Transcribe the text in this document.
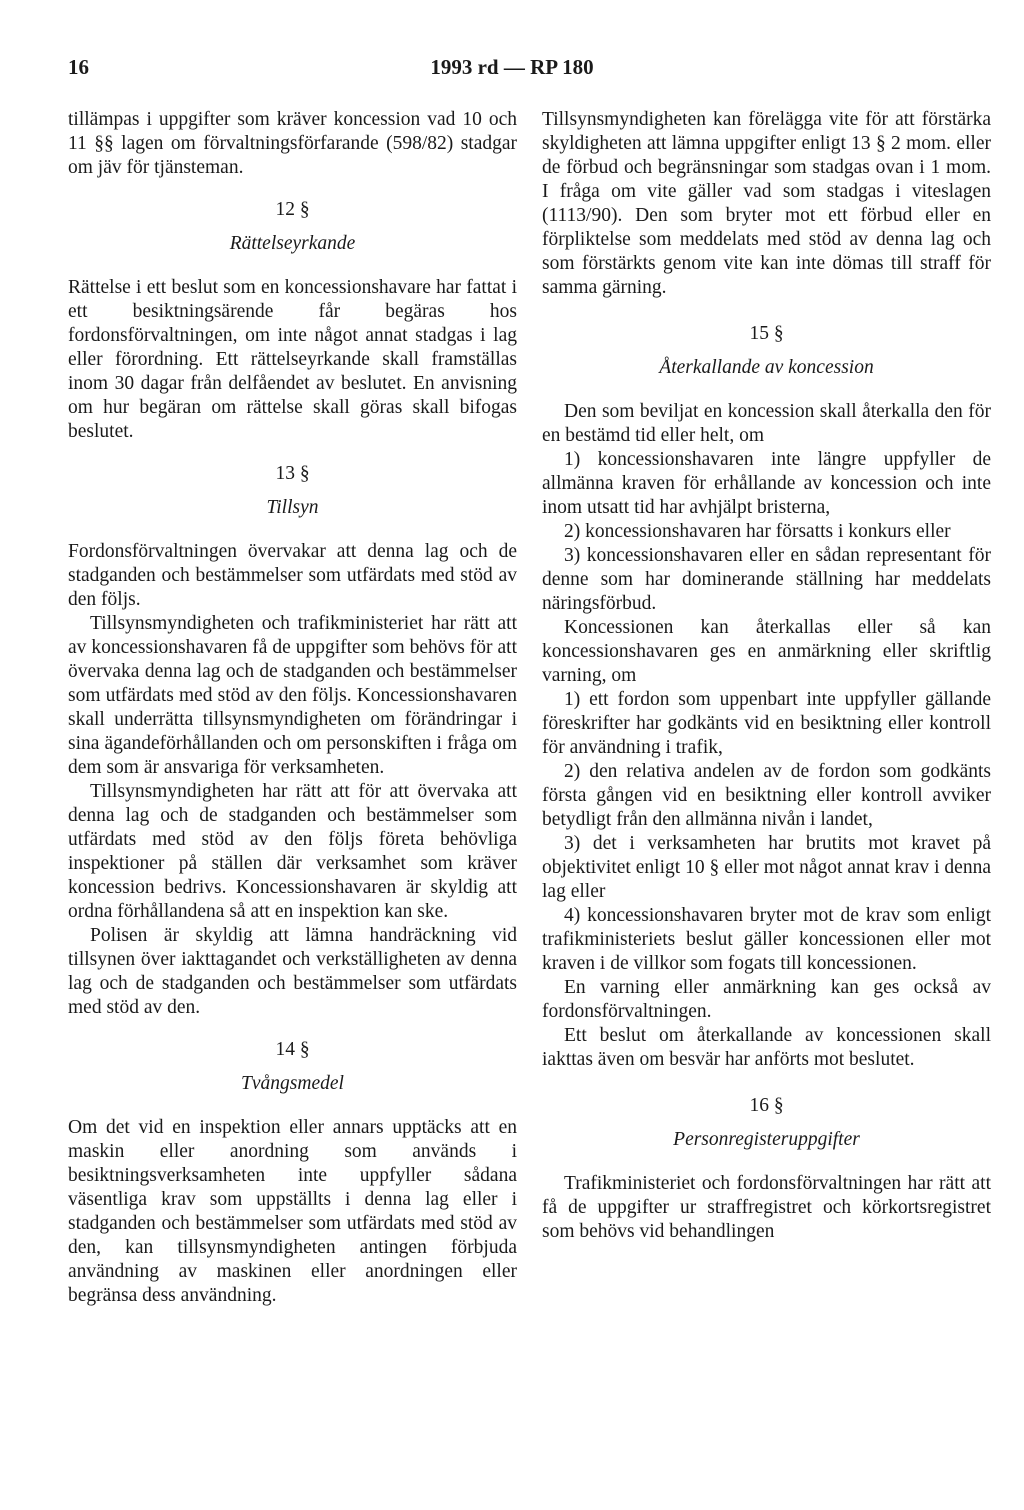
16	1993 rd — RP 180

tillämpas i uppgifter som kräver koncession vad 10 och 11 §§ lagen om förvaltningsförfarande (598/82) stadgar om jäv för tjänsteman.

12 §
Rättelseyrkande

Rättelse i ett beslut som en koncessionshavare har fattat i ett besiktningsärende får begäras hos fordonsförvaltningen, om inte något annat stadgas i lag eller förordning. Ett rättelseyrkande skall framställas inom 30 dagar från delfåendet av beslutet. En anvisning om hur begäran om rättelse skall göras skall bifogas beslutet.

13 §
Tillsyn

Fordonsförvaltningen övervakar att denna lag och de stadganden och bestämmelser som utfärdats med stöd av den följs.

Tillsynsmyndigheten och trafikministeriet har rätt att av koncessionshavaren få de uppgifter som behövs för att övervaka denna lag och de stadganden och bestämmelser som utfärdats med stöd av den följs. Koncessionshavaren skall underrätta tillsynsmyndigheten om förändringar i sina ägandeförhållanden och om personskiften i fråga om dem som är ansvariga för verksamheten.

Tillsynsmyndigheten har rätt att för att övervaka att denna lag och de stadganden och bestämmelser som utfärdats med stöd av den följs företa behövliga inspektioner på ställen där verksamhet som kräver koncession bedrivs. Koncessionshavaren är skyldig att ordna förhållandena så att en inspektion kan ske.

Polisen är skyldig att lämna handräckning vid tillsynen över iakttagandet och verkställigheten av denna lag och de stadganden och bestämmelser som utfärdats med stöd av den.

14 §
Tvångsmedel

Om det vid en inspektion eller annars upptäcks att en maskin eller anordning som används i besiktningsverksamheten inte uppfyller sådana väsentliga krav som uppställts i denna lag eller i stadganden och bestämmelser som utfärdats med stöd av den, kan tillsynsmyndigheten antingen förbjuda användning av maskinen eller anordningen eller begränsa dess användning.

Tillsynsmyndigheten kan förelägga vite för att förstärka skyldigheten att lämna uppgifter enligt 13 § 2 mom. eller de förbud och begränsningar som stadgas ovan i 1 mom. I fråga om vite gäller vad som stadgas i viteslagen (1113/90). Den som bryter mot ett förbud eller en förpliktelse som meddelats med stöd av denna lag och som förstärkts genom vite kan inte dömas till straff för samma gärning.

15 §
Återkallande av koncession

Den som beviljat en koncession skall återkalla den för en bestämd tid eller helt, om

1) koncessionshavaren inte längre uppfyller de allmänna kraven för erhållande av koncession och inte inom utsatt tid har avhjälpt bristerna,

2) koncessionshavaren har försatts i konkurs eller

3) koncessionshavaren eller en sådan representant för denne som har dominerande ställning har meddelats näringsförbud.

Koncessionen kan återkallas eller så kan koncessionshavaren ges en anmärkning eller skriftlig varning, om

1) ett fordon som uppenbart inte uppfyller gällande föreskrifter har godkänts vid en besiktning eller kontroll för användning i trafik,

2) den relativa andelen av de fordon som godkänts första gången vid en besiktning eller kontroll avviker betydligt från den allmänna nivån i landet,

3) det i verksamheten har brutits mot kravet på objektivitet enligt 10 § eller mot något annat krav i denna lag eller

4) koncessionshavaren bryter mot de krav som enligt trafikministeriets beslut gäller koncessionen eller mot kraven i de villkor som fogats till koncessionen.

En varning eller anmärkning kan ges också av fordonsförvaltningen.

Ett beslut om återkallande av koncessionen skall iakttas även om besvär har anförts mot beslutet.

16 §
Personregisteruppgifter

Trafikministeriet och fordonsförvaltningen har rätt att få de uppgifter ur straffregistret och körkortsregistret som behövs vid behandlingen
